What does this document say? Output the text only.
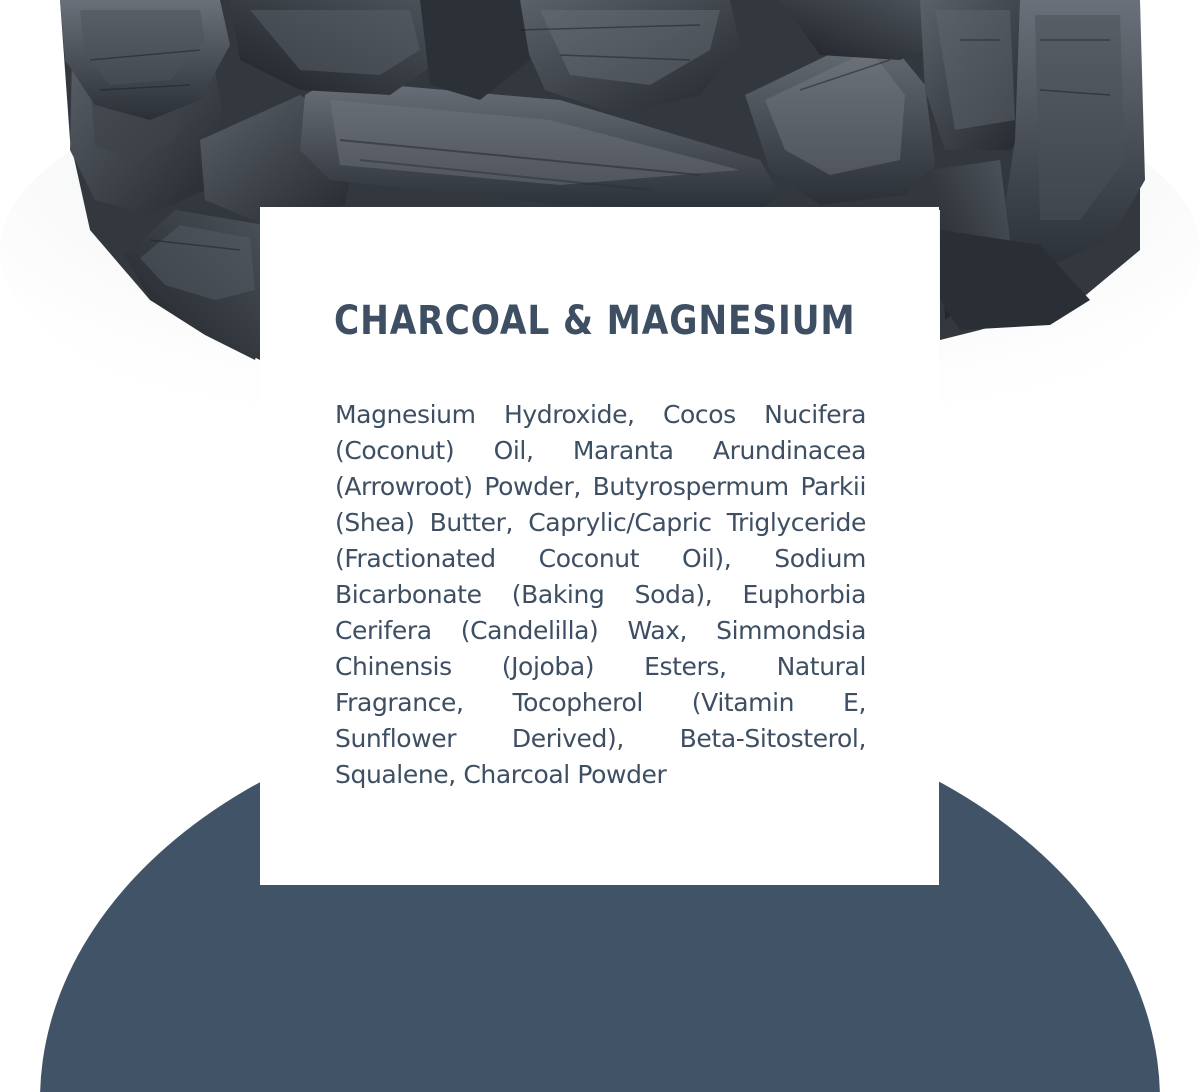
CHARCOAL & MAGNESIUM

Magnesium Hydroxide, Cocos Nucifera (Coconut) Oil, Maranta Arundinacea (Arrowroot) Powder, Butyrospermum Parkii (Shea) Butter, Caprylic/Capric Triglyceride (Fractionated Coconut Oil), Sodium Bicarbonate (Baking Soda), Euphorbia Cerifera (Candelilla) Wax, Simmondsia Chinensis (Jojoba) Esters, Natural Fragrance, Tocopherol (Vitamin E, Sunflower Derived), Beta-Sitosterol, Squalene, Charcoal Powder
